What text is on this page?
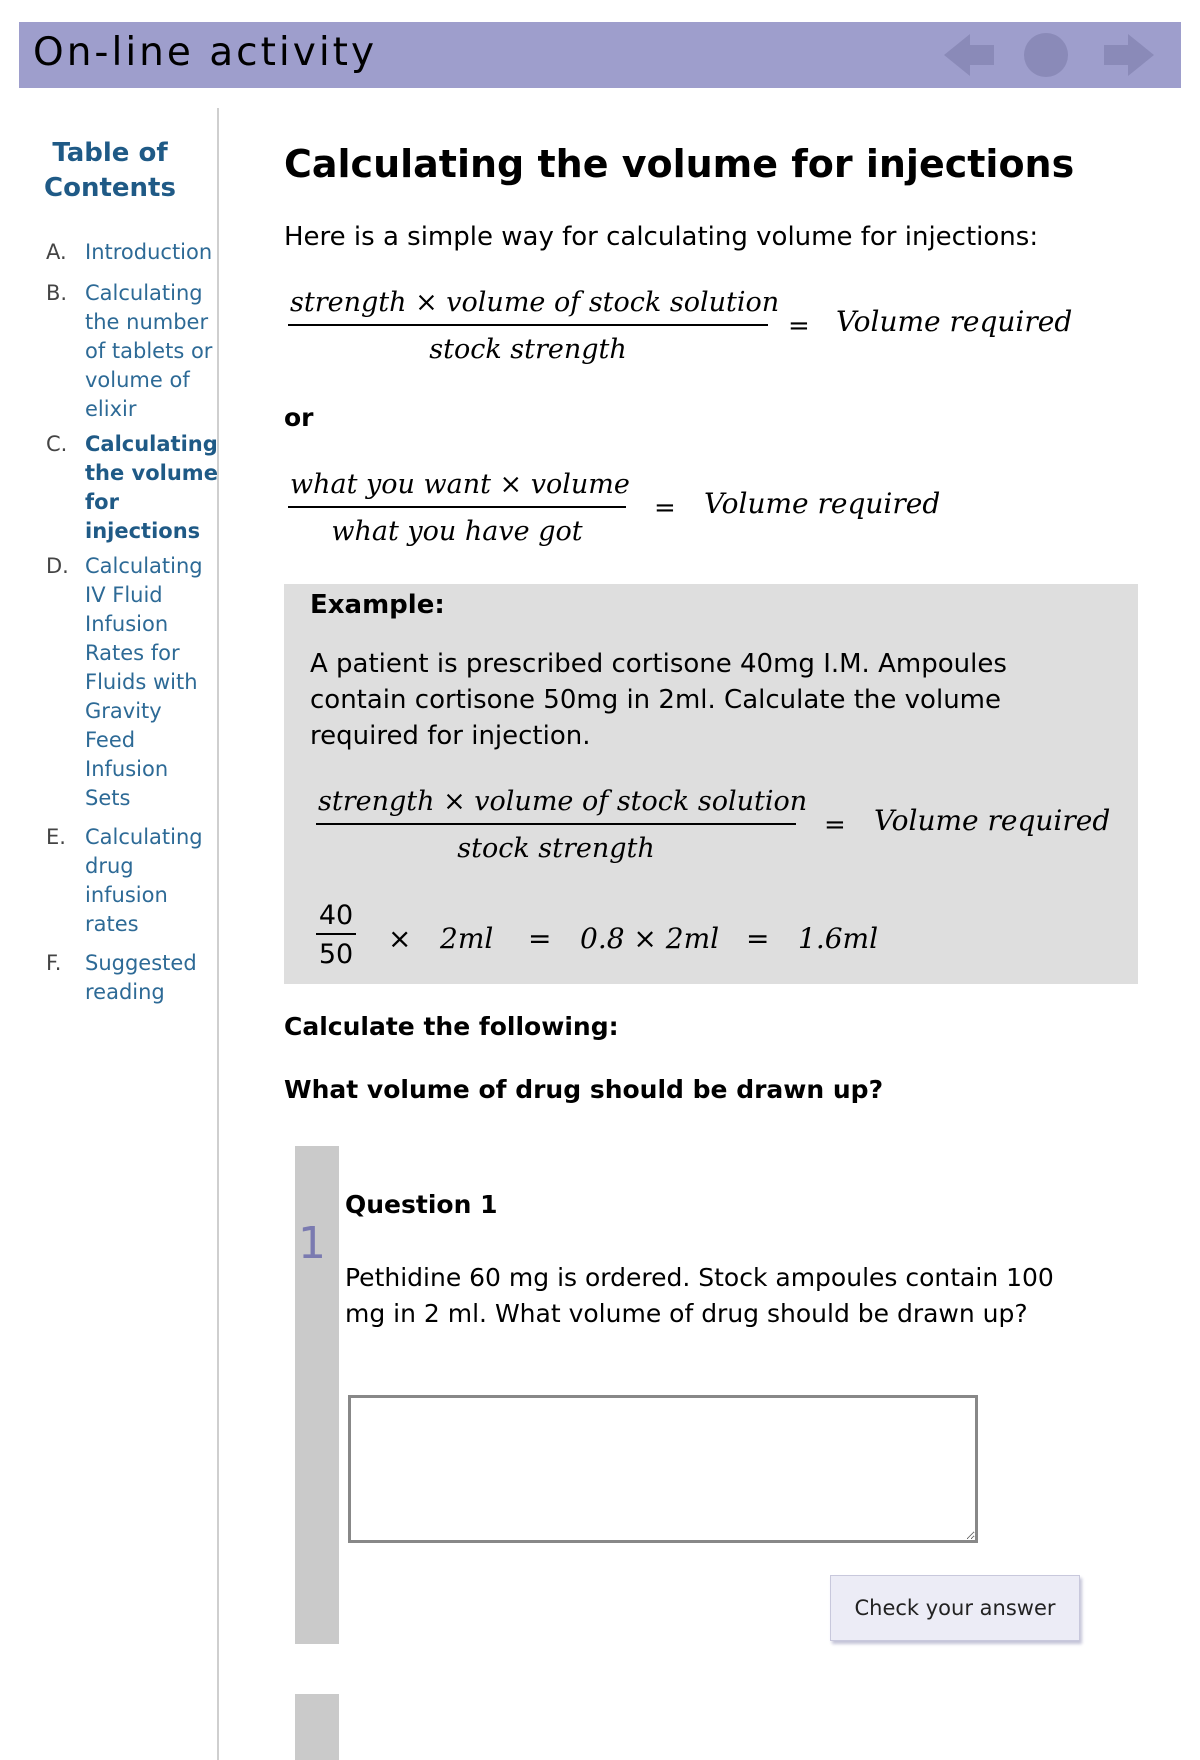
On-line activity
Table of Contents
A. Introduction
B. Calculating the number of tablets or volume of elixir
C. Calculating the volume for injections
D. Calculating IV Fluid Infusion Rates for Fluids with Gravity Feed Infusion Sets
E. Calculating drug infusion rates
F.	Suggested reading
Calculating the volume for injections
Here is a simple way for calculating volume for injections:
strength × volume of stock solution
stock strength
= Volume required
or
what you want × volume
what you have got
= Volume required
Example:
A patient is prescribed cortisone 40mg I.M. Ampoules contain cortisone 50mg in 2ml. Calculate the volume required for injection.
strength × volume of stock solution
stock strength
= Volume required
$\frac{40}{50} \times 2ml = 0.8 \times 2ml = 1.6ml$
Calculate the following:
What volume of drug should be drawn up?
1
Question 1
Pethidine 60 mg is ordered. Stock ampoules contain 100 mg in 2 ml. What volume of drug should be drawn up?
Check your answer
